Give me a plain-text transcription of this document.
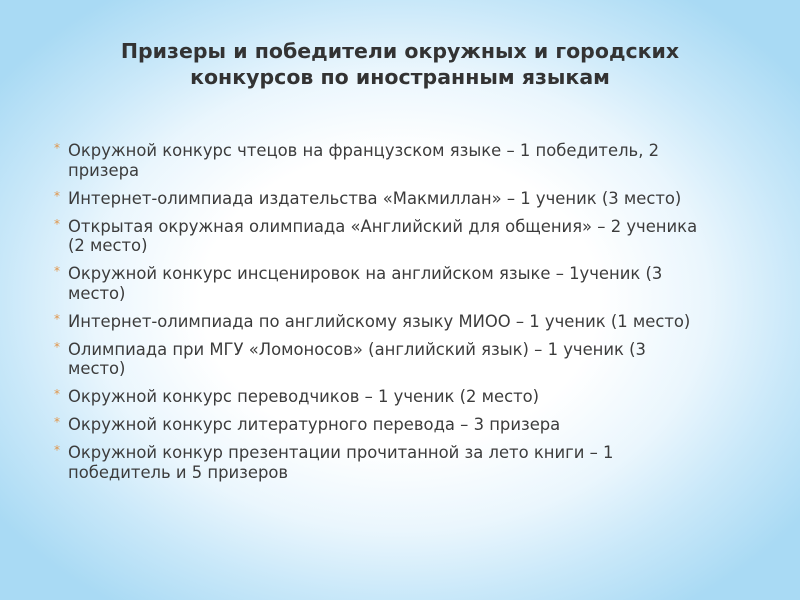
Призеры и победители окружных и городских
конкурсов по иностранным языкам
* Окружной конкурс чтецов на французском языке – 1 победитель, 2
призера
* Интернет-олимпиада издательства «Макмиллан» – 1 ученик (3 место)
* Открытая окружная олимпиада «Английский для общения» – 2 ученика
(2 место)
* Окружной конкурс инсценировок на английском языке – 1ученик (3
место)
* Интернет-олимпиада по английскому языку МИОО – 1 ученик (1 место)
* Олимпиада при МГУ «Ломоносов» (английский язык) – 1 ученик (3
место)
* Окружной конкурс переводчиков – 1 ученик (2 место)
* Окружной конкурс литературного перевода – 3 призера
* Окружной конкур презентации прочитанной за лето книги – 1
победитель и 5 призеров
